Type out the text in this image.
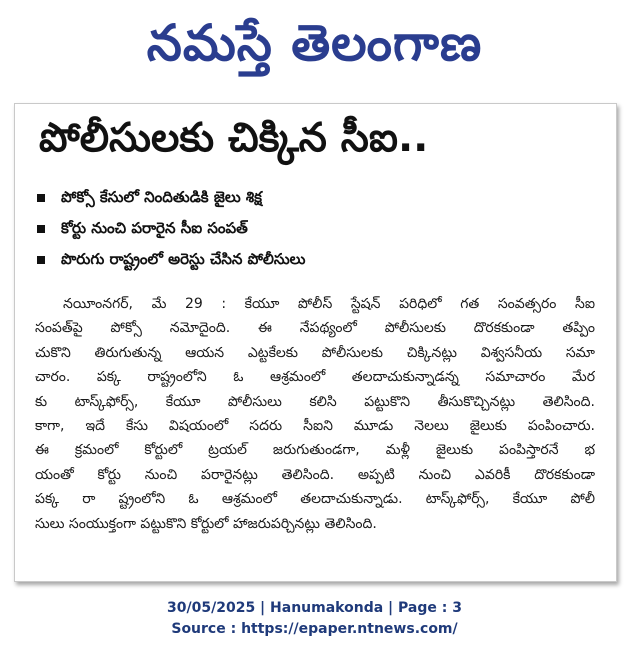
నమస్తే తెలంగాణ
పోలీసులకు చిక్కిన సీఐ..
పోక్సో కేసులో నిందితుడికి జైలు శిక్ష
కోర్టు నుంచి పరారైన సీఐ సంపత్
పొరుగు రాష్ట్రంలో అరెస్టు చేసిన పోలీసులు
నయీంనగర్, మే 29 : కేయూ పోలీస్ స్టేషన్ పరిధిలో గత సంవత్సరం సీఐ
సంపత్‌పై పోక్సో నమోదైంది. ఈ నేపథ్యంలో పోలీసులకు దొరకకుండా తప్పిం
చుకొని తిరుగుతున్న ఆయన ఎట్టకేలకు పోలీసులకు చిక్కినట్లు విశ్వసనీయ సమా
చారం. పక్క రాష్ట్రంలోని ఓ ఆశ్రమంలో తలదాచుకున్నాడన్న సమాచారం మేర
కు టాస్క్‌ఫోర్స్, కేయూ పోలీసులు కలిసి పట్టుకొని తీసుకొచ్చినట్లు తెలిసింది.
కాగా, ఇదే కేసు విషయంలో సదరు సీఐని మూడు నెలలు జైలుకు పంపించారు.
ఈ క్రమంలో కోర్టులో ట్రయల్ జరుగుతుండగా, మళ్లీ జైలుకు పంపిస్తారనే భ
యంతో కోర్టు నుంచి పరారైనట్లు తెలిసింది. అప్పటి నుంచి ఎవరికీ దొరకకుండా
పక్క రా ష్ట్రంలోని ఓ ఆశ్రమంలో తలదాచుకున్నాడు. టాస్క్‌ఫోర్స్, కేయూ పోలీ
సులు సంయుక్తంగా పట్టుకొని కోర్టులో హాజరుపర్చినట్లు తెలిసింది.
30/05/2025 | Hanumakonda | Page : 3
Source : https://epaper.ntnews.com/
